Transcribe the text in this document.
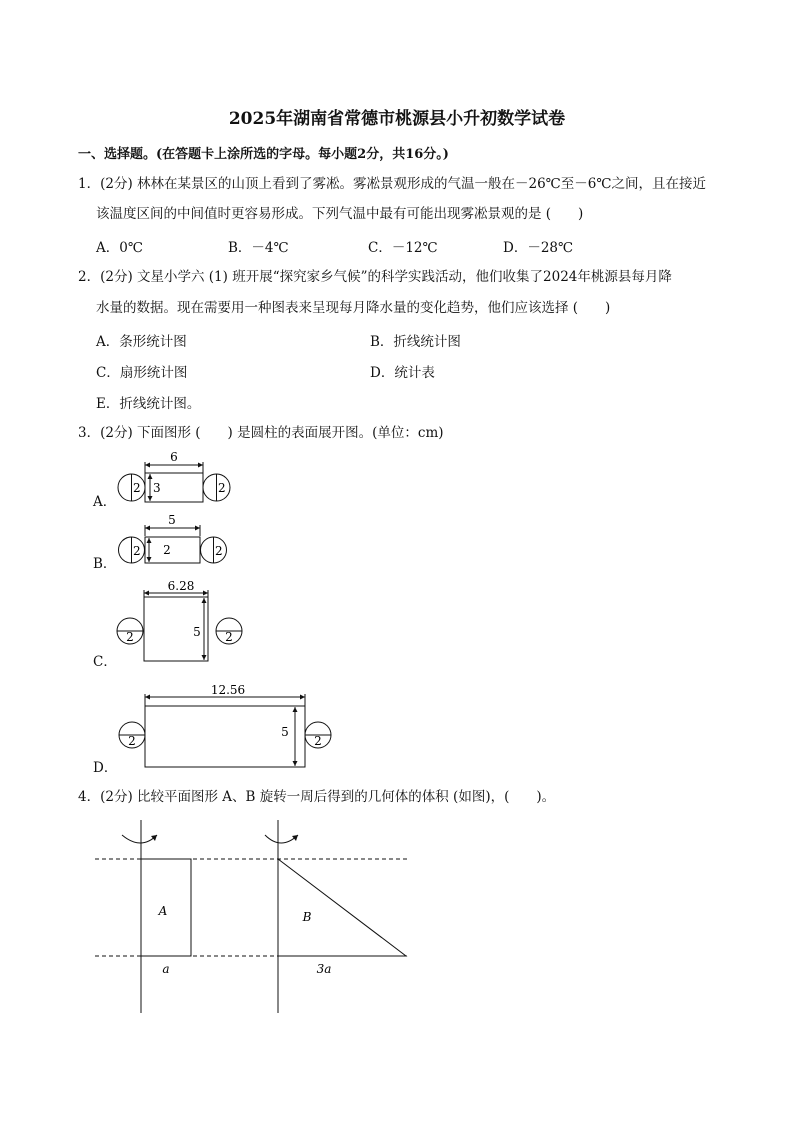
2025年湖南省常德市桃源县小升初数学试卷
一、选择题。(在答题卡上涂所选的字母。每小题2分，共16分。)
1．(2分) 林林在某景区的山顶上看到了雾凇。雾凇景观形成的气温一般在－26℃至－6℃之间，且在接近
该温度区间的中间值时更容易形成。下列气温中最有可能出现雾凇景观的是 (　　)
A．0℃	B．－4℃	C．－12℃	D．－28℃
2．(2分) 文星小学六 (1) 班开展“探究家乡气候”的科学实践活动，他们收集了2024年桃源县每月降
水量的数据。现在需要用一种图表来呈现每月降水量的变化趋势，他们应该选择 (　　)
A．条形统计图	B．折线统计图
C．扇形统计图	D．统计表
E．折线统计图。
3．(2分) 下面图形 (　　) 是圆柱的表面展开图。(单位：cm)
A．
6
3
2	2
B．
5
2
2	2
C．
6.28
5
2	2
D．
12.56
5
2	2
4．(2分) 比较平面图形 A、B 旋转一周后得到的几何体的体积 (如图)，(　　)。
A
a
B
3a
